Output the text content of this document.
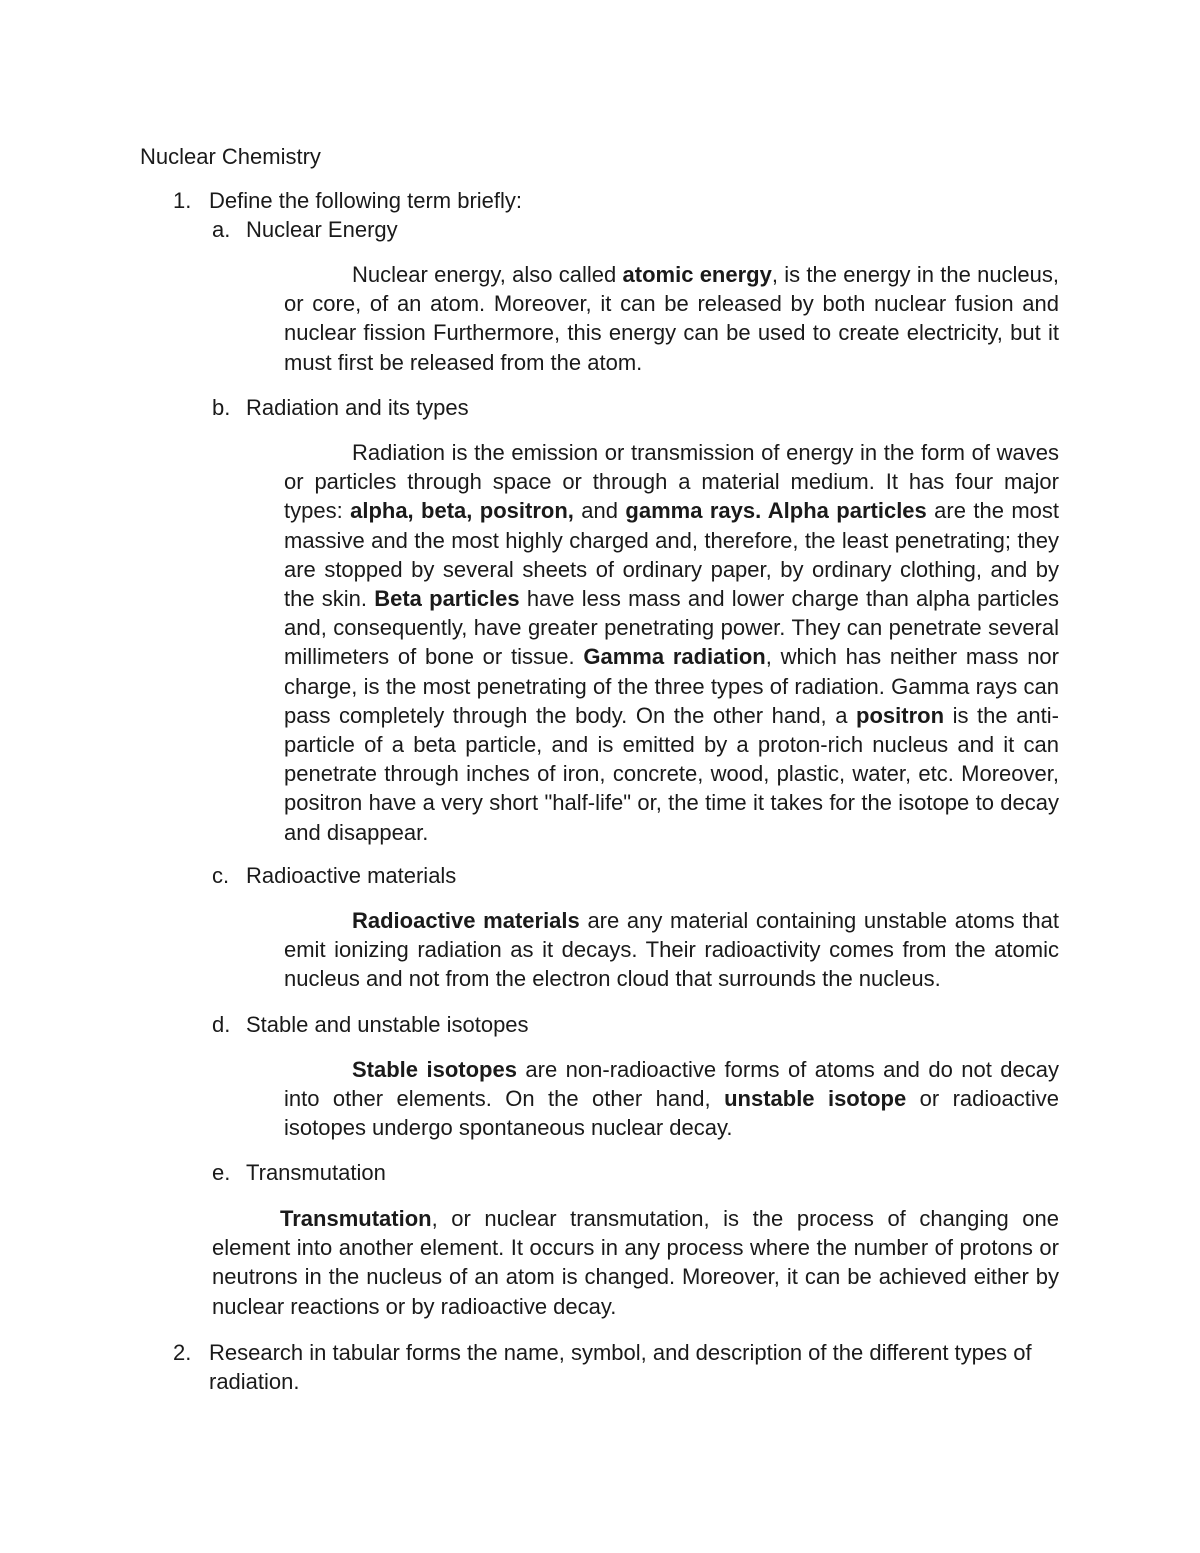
Nuclear Chemistry
1. Define the following term briefly:
a. Nuclear Energy
Nuclear energy, also called atomic energy, is the energy in the nucleus, or core, of an atom. Moreover, it can be released by both nuclear fusion and nuclear fission Furthermore, this energy can be used to create electricity, but it must first be released from the atom.
b. Radiation and its types
Radiation is the emission or transmission of energy in the form of waves or particles through space or through a material medium. It has four major types: alpha, beta, positron, and gamma rays. Alpha particles are the most massive and the most highly charged and, therefore, the least penetrating; they are stopped by several sheets of ordinary paper, by ordinary clothing, and by the skin. Beta particles have less mass and lower charge than alpha particles and, consequently, have greater penetrating power. They can penetrate several millimeters of bone or tissue. Gamma radiation, which has neither mass nor charge, is the most penetrating of the three types of radiation. Gamma rays can pass completely through the body. On the other hand, a positron is the anti-particle of a beta particle, and is emitted by a proton-rich nucleus and it can penetrate through inches of iron, concrete, wood, plastic, water, etc. Moreover, positron have a very short "half-life" or, the time it takes for the isotope to decay and disappear.
c. Radioactive materials
Radioactive materials are any material containing unstable atoms that emit ionizing radiation as it decays. Their radioactivity comes from the atomic nucleus and not from the electron cloud that surrounds the nucleus.
d. Stable and unstable isotopes
Stable isotopes are non-radioactive forms of atoms and do not decay into other elements. On the other hand, unstable isotope or radioactive isotopes undergo spontaneous nuclear decay.
e. Transmutation
Transmutation, or nuclear transmutation, is the process of changing one element into another element. It occurs in any process where the number of protons or neutrons in the nucleus of an atom is changed. Moreover, it can be achieved either by nuclear reactions or by radioactive decay.
2. Research in tabular forms the name, symbol, and description of the different types of radiation.
